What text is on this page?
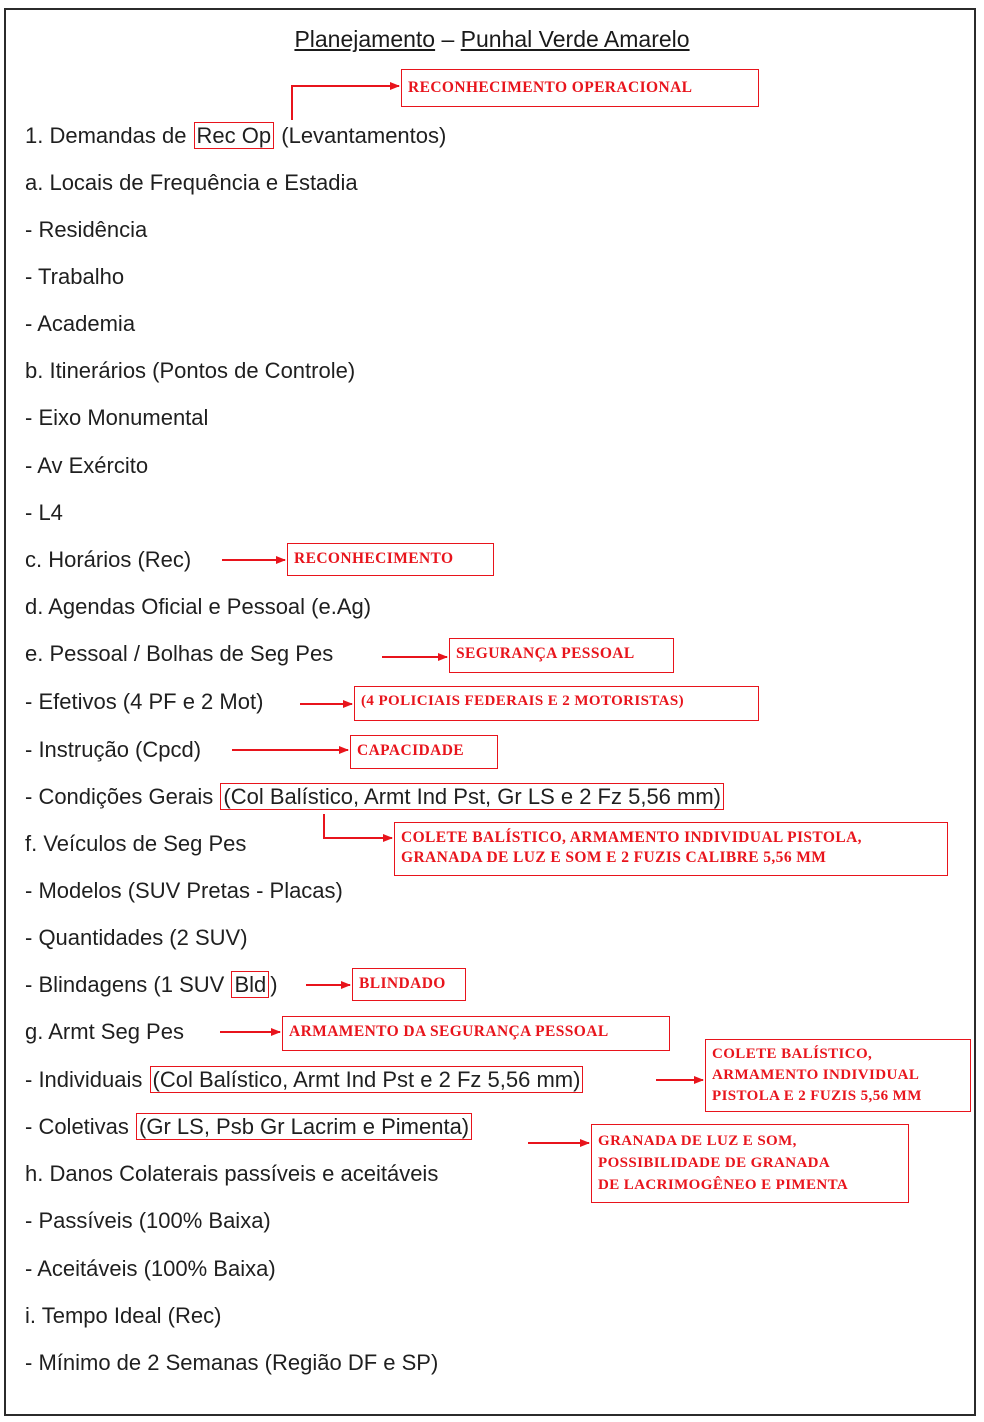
Planejamento – Punhal Verde Amarelo
1. Demandas de Rec Op (Levantamentos)
a. Locais de Frequência e Estadia
- Residência
- Trabalho
- Academia
b. Itinerários (Pontos de Controle)
- Eixo Monumental
- Av Exército
- L4
c. Horários (Rec)
d. Agendas Oficial e Pessoal (e.Ag)
e. Pessoal / Bolhas de Seg Pes
- Efetivos (4 PF e 2 Mot)
- Instrução (Cpcd)
- Condições Gerais (Col Balístico, Armt Ind Pst, Gr LS e 2 Fz 5,56 mm)
f. Veículos de Seg Pes
- Modelos (SUV Pretas - Placas)
- Quantidades (2 SUV)
- Blindagens (1 SUV Bld )
g. Armt Seg Pes
- Individuais (Col Balístico, Armt Ind Pst e 2 Fz 5,56 mm)
- Coletivas (Gr LS, Psb Gr Lacrim e Pimenta)
h. Danos Colaterais passíveis e aceitáveis
- Passíveis (100% Baixa)
- Aceitáveis (100% Baixa)
i. Tempo Ideal (Rec)
- Mínimo de 2 Semanas (Região DF e SP)
RECONHECIMENTO OPERACIONAL
RECONHECIMENTO
SEGURANÇA PESSOAL
(4 POLICIAIS FEDERAIS E 2 MOTORISTAS)
CAPACIDADE
COLETE BALÍSTICO, ARMAMENTO INDIVIDUAL PISTOLA,
GRANADA DE LUZ E SOM E 2 FUZIS CALIBRE 5,56 MM
BLINDADO
ARMAMENTO DA SEGURANÇA PESSOAL
COLETE BALÍSTICO,
ARMAMENTO INDIVIDUAL
PISTOLA E 2 FUZIS 5,56 MM
GRANADA DE LUZ E SOM,
POSSIBILIDADE DE GRANADA
DE LACRIMOGÊNEO E PIMENTA
